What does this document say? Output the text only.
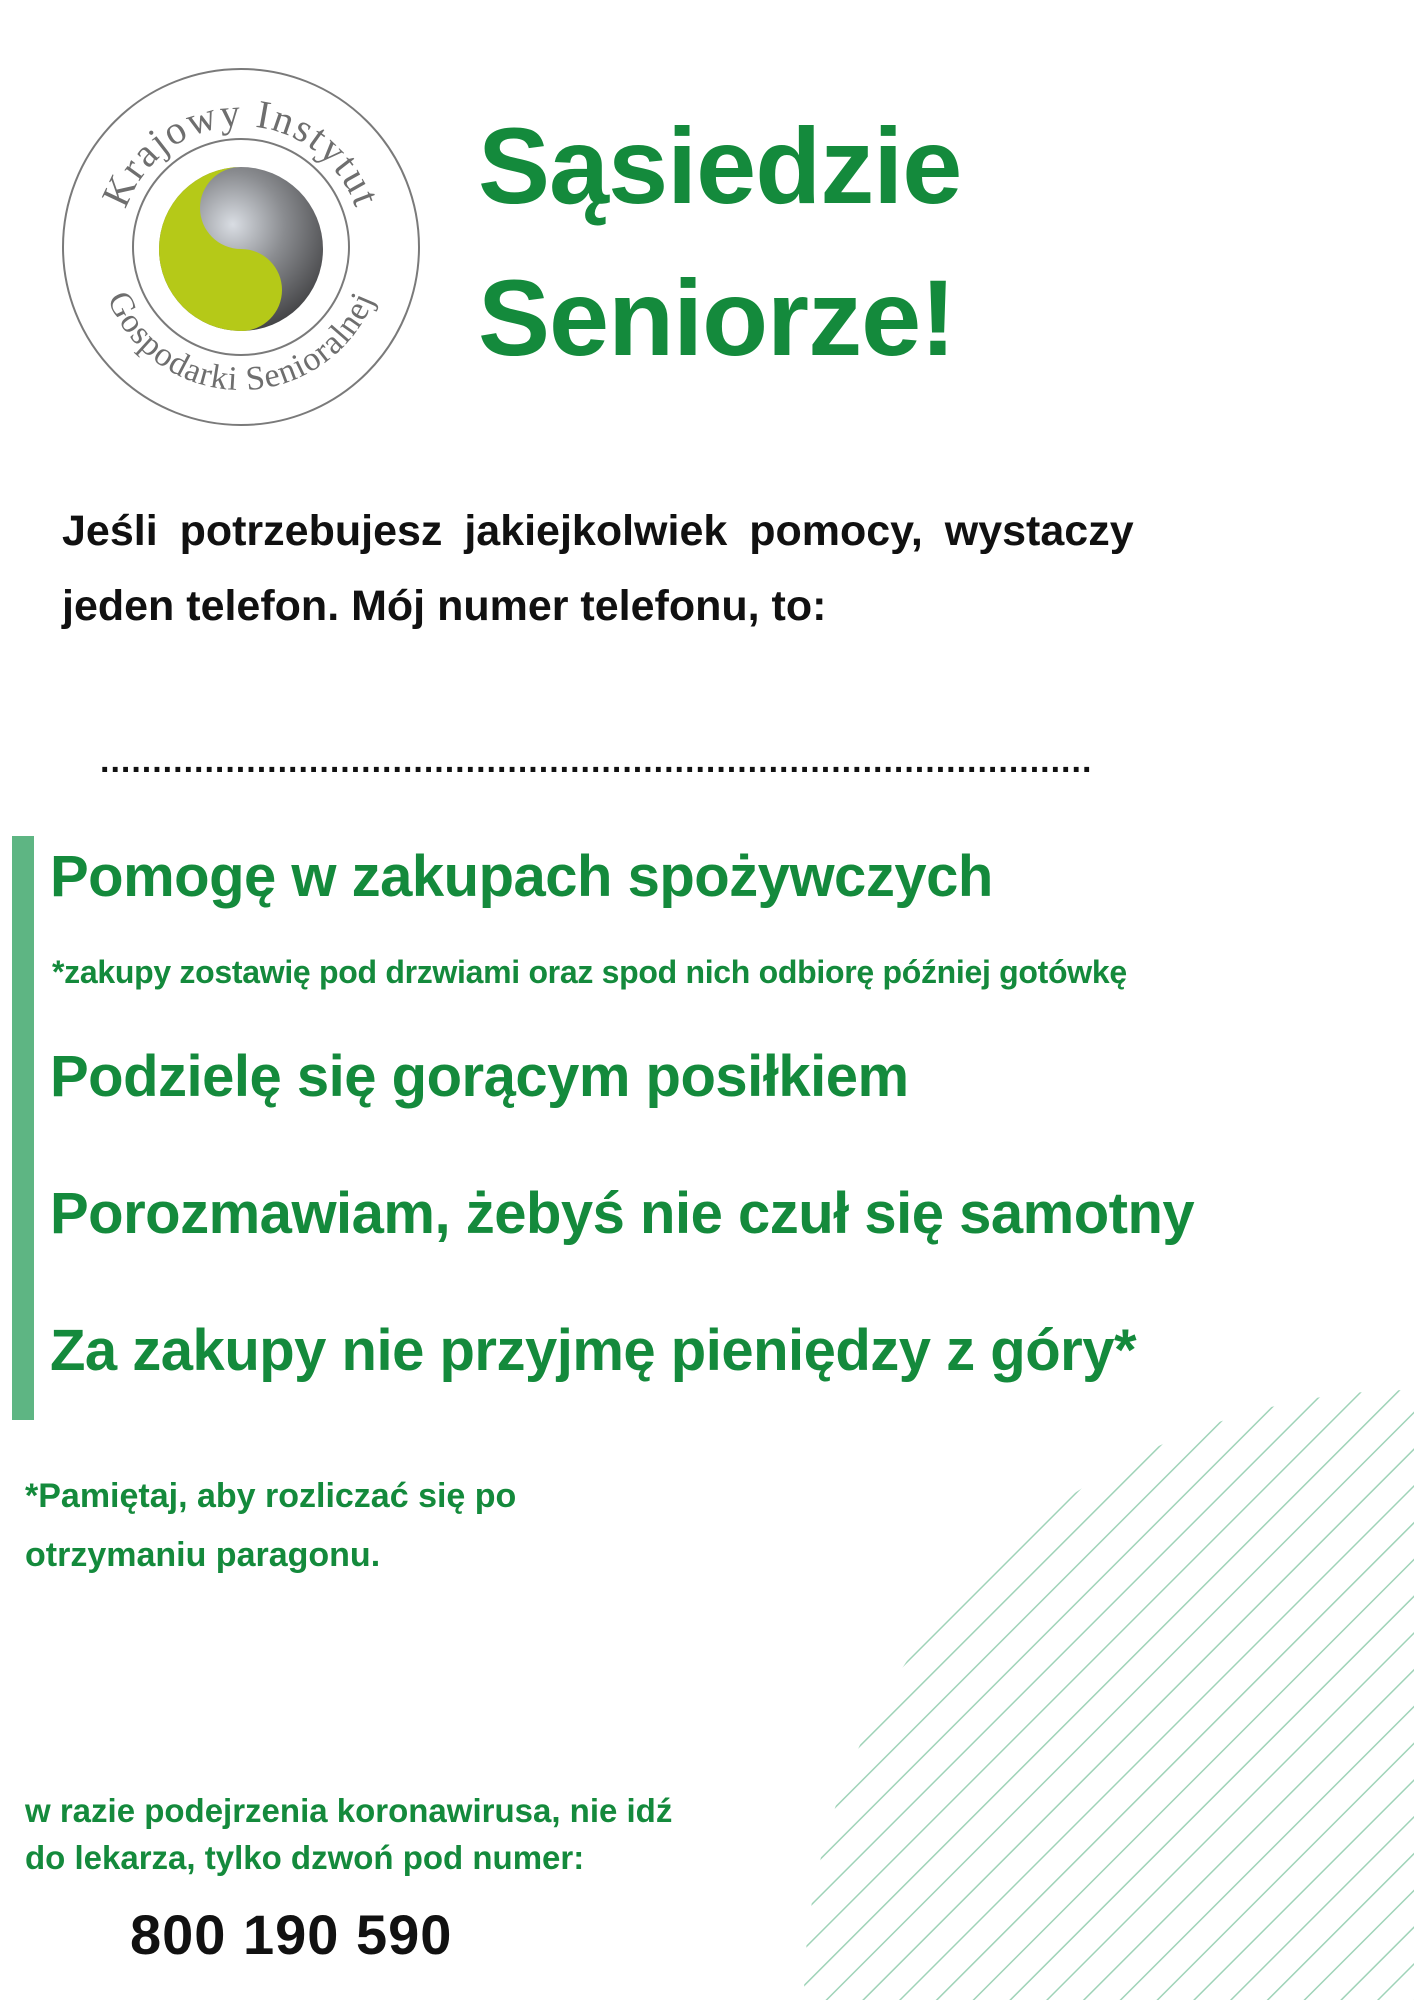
Krajowy Instytut
Gospodarki Senioralnej
Sąsiedzie
Seniorze!
Jeśli potrzebujesz jakiejkolwiek pomocy, wystaczy
jeden telefon. Mój numer telefonu, to:
...............................................................................................
Pomogę w zakupach spożywczych
*zakupy zostawię pod drzwiami oraz spod nich odbiorę później gotówkę
Podzielę się gorącym posiłkiem
Porozmawiam, żebyś nie czuł się samotny
Za zakupy nie przyjmę pieniędzy z góry*
*Pamiętaj, aby rozliczać się po
otrzymaniu paragonu.
w razie podejrzenia koronawirusa, nie idź
do lekarza, tylko dzwoń pod numer:
800 190 590
